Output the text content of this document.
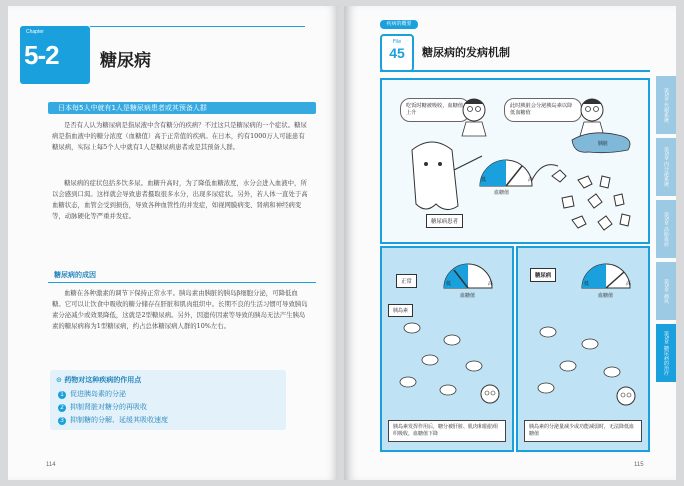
Chapter
5-2 糖尿病
日本每5人中就有1人是糖尿病患者或其预备人群

是否有人认为糖尿病是指尿液中含有糖分的疾病？不过这只是糖尿病的一个症状。糖尿病是指血液中的糖分浓度（血糖值）高于正常值的疾病。在日本，约有1000万人可能患有糖尿病，实际上每5个人中就有1人是糖尿病患者或是其预备人群。

糖尿病的症状包括多饮多尿。血糖升高时，为了降低血糖浓度，水分会进入血液中，所以会感到口渴。这样就会导致患者摄取很多水分，出现多尿症状。另外，若人体一直处于高血糖状态，血管会受到损伤，导致各种血管性的并发症，如视网膜病变、肾病和神经病变等，动脉硬化等严重并发症。

糖尿病的成因

血糖在各种激素的调节下保持正常水平。胰岛素由胰脏的胰岛β细胞分泌，可降低血糖。它可以让饮食中吸收的糖分储存在肝脏和肌肉组织中。长期不良的生活习惯可导致胰岛素分泌减少或效果降低，这就是2型糖尿病。另外，因遗传因素等导致的胰岛无法产生胰岛素的糖尿病称为1型糖尿病，约占总体糖尿病人群的10%左右。

⊙ 药物对这种疾病的作用点
1 促进胰岛素的分泌
2 抑制肾脏对糖分的再吸收
3 抑制糖的分解、延缓其吸收速度
114
疾病的概要
File
45	糖尿病的发病机制
吃饭时糖被吸收，血糖值上升
此时胰脏会分泌胰岛素以降低血糖值
血糖值
低	高
胰脏
糖尿病患者
正常
胰岛素
血糖值
低	高
胰岛素发挥作用后，糖分被肝脏、肌肉和脂肪组织吸收，血糖值下降
糖尿病
血糖值
低	高
胰岛素的分泌量减少或功能减弱时，无法降低血糖值
第5章 代谢系统
第5章 内分泌系统
第5章 高脂血症
第5章 痛风
第5章 糖尿病的治疗
115
